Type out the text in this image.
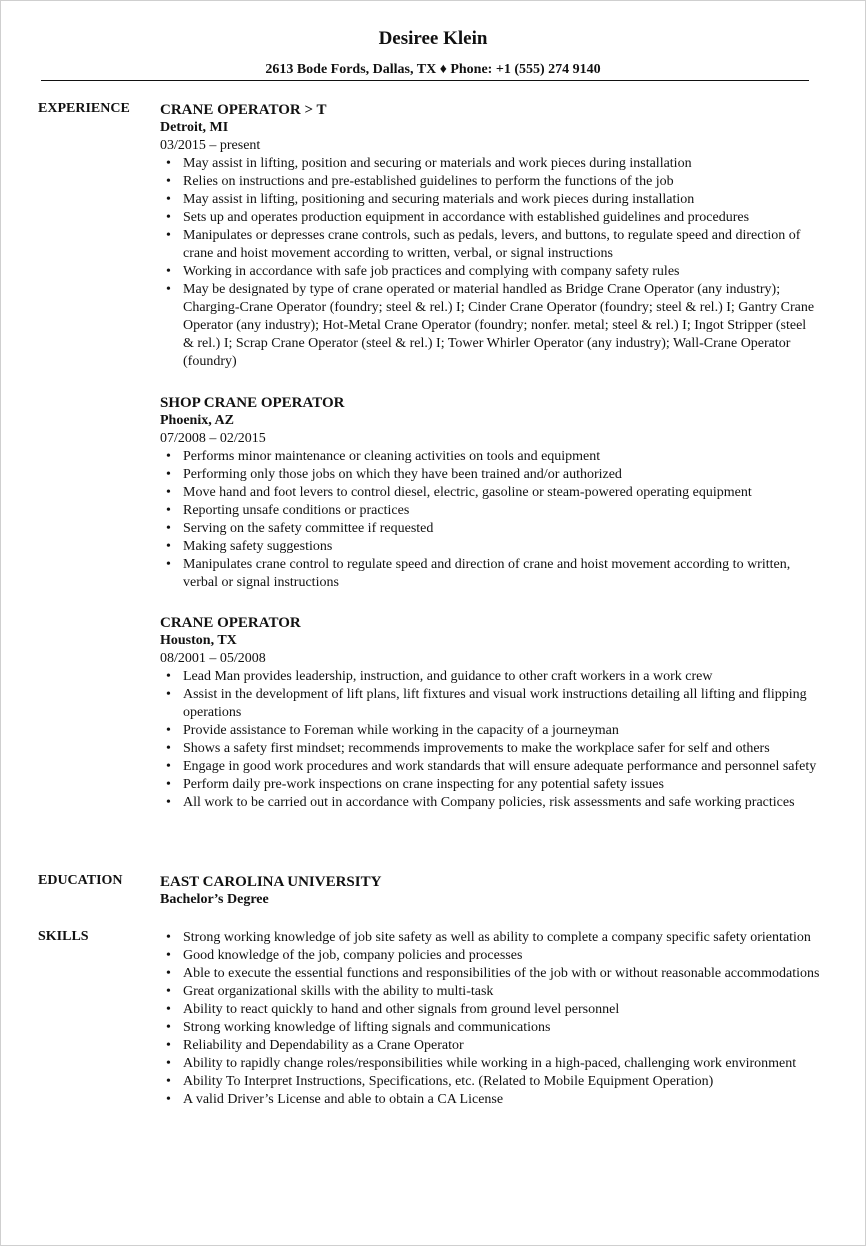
Desiree Klein
2613 Bode Fords, Dallas, TX ♦ Phone: +1 (555) 274 9140
EXPERIENCE CRANE OPERATOR > T
Detroit, MI
03/2015 – present
• May assist in lifting, position and securing or materials and work pieces during installation
• Relies on instructions and pre-established guidelines to perform the functions of the job
• May assist in lifting, positioning and securing materials and work pieces during installation
• Sets up and operates production equipment in accordance with established guidelines and procedures
• Manipulates or depresses crane controls, such as pedals, levers, and buttons, to regulate speed and direction of crane and hoist movement according to written, verbal, or signal instructions
• Working in accordance with safe job practices and complying with company safety rules
• May be designated by type of crane operated or material handled as Bridge Crane Operator (any industry); Charging-Crane Operator (foundry; steel & rel.) I; Cinder Crane Operator (foundry; steel & rel.) I; Gantry Crane Operator (any industry); Hot-Metal Crane Operator (foundry; nonfer. metal; steel & rel.) I; Ingot Stripper (steel & rel.) I; Scrap Crane Operator (steel & rel.) I; Tower Whirler Operator (any industry); Wall-Crane Operator (foundry)
SHOP CRANE OPERATOR
Phoenix, AZ
07/2008 – 02/2015
• Performs minor maintenance or cleaning activities on tools and equipment
• Performing only those jobs on which they have been trained and/or authorized
• Move hand and foot levers to control diesel, electric, gasoline or steam-powered operating equipment
• Reporting unsafe conditions or practices
• Serving on the safety committee if requested
• Making safety suggestions
• Manipulates crane control to regulate speed and direction of crane and hoist movement according to written, verbal or signal instructions
CRANE OPERATOR
Houston, TX
08/2001 – 05/2008
• Lead Man provides leadership, instruction, and guidance to other craft workers in a work crew
• Assist in the development of lift plans, lift fixtures and visual work instructions detailing all lifting and flipping operations
• Provide assistance to Foreman while working in the capacity of a journeyman
• Shows a safety first mindset; recommends improvements to make the workplace safer for self and others
• Engage in good work procedures and work standards that will ensure adequate performance and personnel safety
• Perform daily pre-work inspections on crane inspecting for any potential safety issues
• All work to be carried out in accordance with Company policies, risk assessments and safe working practices
EDUCATION EAST CAROLINA UNIVERSITY
Bachelor’s Degree
SKILLS
•	Strong working knowledge of job site safety as well as ability to complete a company specific safety orientation
• Good knowledge of the job, company policies and processes
• Able to execute the essential functions and responsibilities of the job with or without reasonable accommodations
• Great organizational skills with the ability to multi-task
• Ability to react quickly to hand and other signals from ground level personnel
• Strong working knowledge of lifting signals and communications
• Reliability and Dependability as a Crane Operator
• Ability to rapidly change roles/responsibilities while working in a high-paced, challenging work environment
• Ability To Interpret Instructions, Specifications, etc. (Related to Mobile Equipment Operation)
• A valid Driver’s License and able to obtain a CA License
